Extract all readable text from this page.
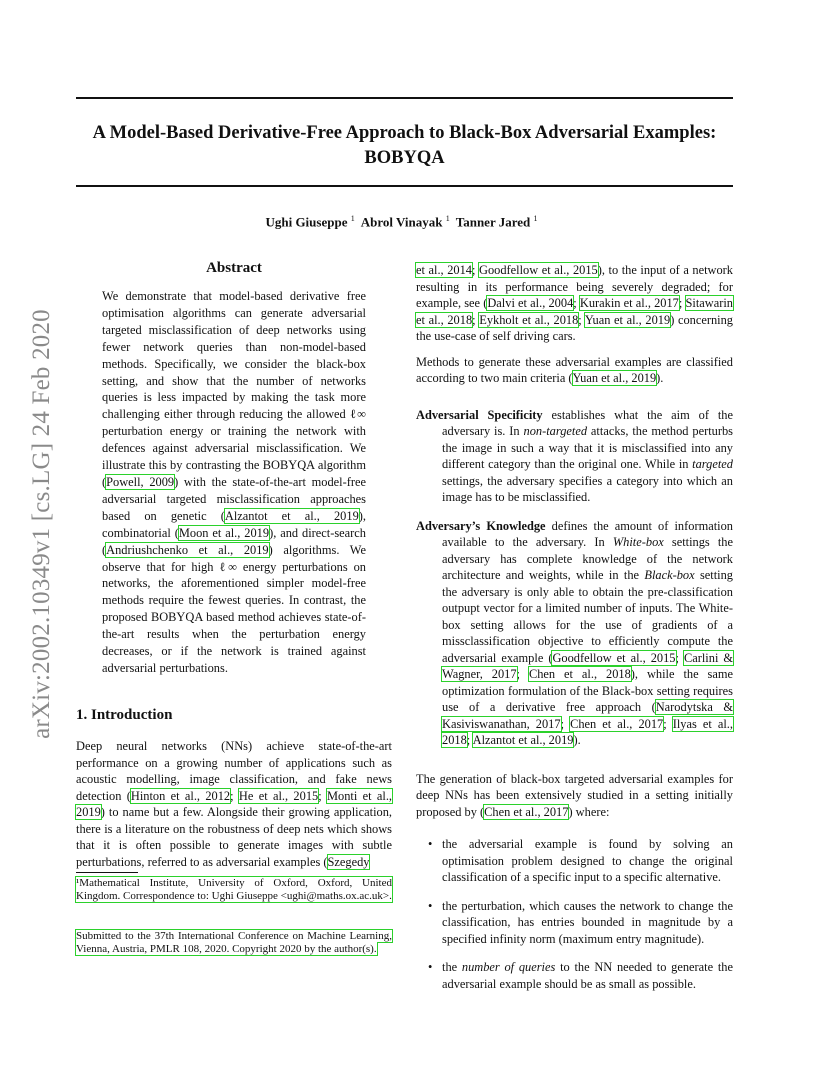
arXiv:2002.10349v1 [cs.LG] 24 Feb 2020
A Model-Based Derivative-Free Approach to Black-Box Adversarial Examples: BOBYQA
Ughi Giuseppe $^1$ Abrol Vinayak $^1$ Tanner Jared $^1$
Abstract
We demonstrate that model-based derivative free optimisation algorithms can generate adversarial targeted misclassification of deep networks using fewer network queries than non-model-based methods. Specifically, we consider the black-box setting, and show that the number of networks queries is less impacted by making the task more challenging either through reducing the allowed ℓ∞ perturbation energy or training the network with defences against adversarial misclassification. We illustrate this by contrasting the BOBYQA algorithm (Powell, 2009) with the state-of-the-art model-free adversarial targeted misclassification approaches based on genetic (Alzantot et al., 2019), combinatorial (Moon et al., 2019), and direct-search (Andriushchenko et al., 2019) algorithms. We observe that for high ℓ∞ energy perturbations on networks, the aforementioned simpler model-free methods require the fewest queries. In contrast, the proposed BOBYQA based method achieves state-of-the-art results when the perturbation energy decreases, or if the network is trained against adversarial perturbations.
1. Introduction

Deep neural networks (NNs) achieve state-of-the-art performance on a growing number of applications such as acoustic modelling, image classification, and fake news detection (Hinton et al., 2012; He et al., 2015; Monti et al., 2019) to name but a few. Alongside their growing application, there is a literature on the robustness of deep nets which shows that it is often possible to generate images with subtle perturbations, referred to as adversarial examples (Szegedy

¹Mathematical Institute, University of Oxford, Oxford, United Kingdom. Correspondence to: Ughi Giuseppe <ughi@maths.ox.ac.uk>.
Submitted to the 37th International Conference on Machine Learning, Vienna, Austria, PMLR 108, 2020. Copyright 2020 by the author(s).

et al., 2014; Goodfellow et al., 2015), to the input of a network resulting in its performance being severely degraded; for example, see (Dalvi et al., 2004; Kurakin et al., 2017; Sitawarin et al., 2018; Eykholt et al., 2018; Yuan et al., 2019) concerning the use-case of self driving cars.

Methods to generate these adversarial examples are classified according to two main criteria (Yuan et al., 2019).

Adversarial Specificity establishes what the aim of the adversary is. In non-targeted attacks, the method perturbs the image in such a way that it is misclassified into any different category than the original one. While in targeted settings, the adversary specifies a category into which an image has to be misclassified.
Adversary’s Knowledge defines the amount of information available to the adversary. In White-box settings the adversary has complete knowledge of the network architecture and weights, while in the Black-box setting the adversary is only able to obtain the pre-classification outpupt vector for a limited number of inputs. The White-box setting allows for the use of gradients of a missclassification objective to efficiently compute the adversarial example (Goodfellow et al., 2015; Carlini & Wagner, 2017; Chen et al., 2018), while the same optimization formulation of the Black-box setting requires use of a derivative free approach (Narodytska & Kasiviswanathan, 2017; Chen et al., 2017; Ilyas et al., 2018; Alzantot et al., 2019).

The generation of black-box targeted adversarial examples for deep NNs has been extensively studied in a setting initially proposed by (Chen et al., 2017) where:

• the adversarial example is found by solving an optimisation problem designed to change the original classification of a specific input to a specific alternative.
• the perturbation, which causes the network to change the classification, has entries bounded in magnitude by a specified infinity norm (maximum entry magnitude).
• the number of queries to the NN needed to generate the adversarial example should be as small as possible.
